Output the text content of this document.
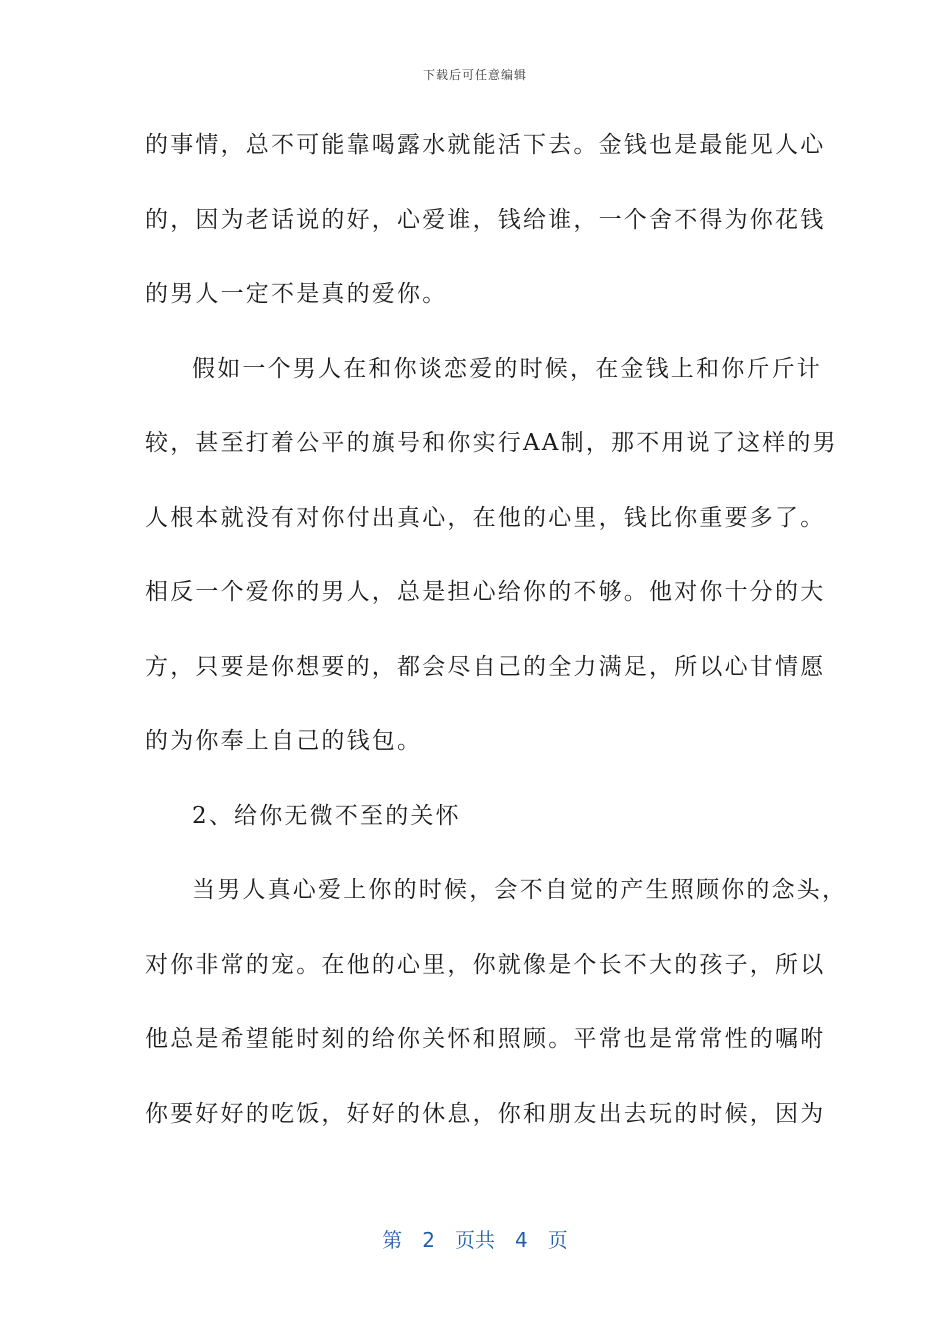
下载后可任意编辑
的事情，总不可能靠喝露水就能活下去。金钱也是最能见人心
的，因为老话说的好，心爱谁，钱给谁，一个舍不得为你花钱
的男人一定不是真的爱你。
假如一个男人在和你谈恋爱的时候，在金钱上和你斤斤计
较，甚至打着公平的旗号和你实行AA制，那不用说了这样的男
人根本就没有对你付出真心，在他的心里，钱比你重要多了。
相反一个爱你的男人，总是担心给你的不够。他对你十分的大
方，只要是你想要的，都会尽自己的全力满足，所以心甘情愿
的为你奉上自己的钱包。
2、给你无微不至的关怀
当男人真心爱上你的时候，会不自觉的产生照顾你的念头，
对你非常的宠。在他的心里，你就像是个长不大的孩子，所以
他总是希望能时刻的给你关怀和照顾。平常也是常常性的嘱咐
你要好好的吃饭，好好的休息，你和朋友出去玩的时候，因为
第 2 页共 4 页
